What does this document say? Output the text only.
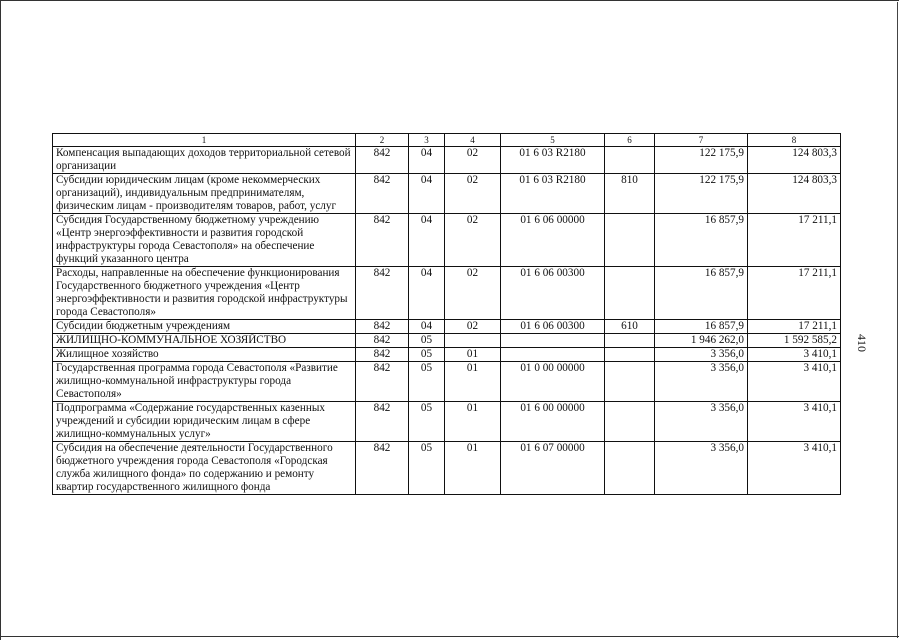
410
1	2	3	4	5	6	7	8
Компенсация выпадающих доходов территориальной сетевой организации	842	04	02	01 6 03 R2180		122 175,9	124 803,3
Субсидии юридическим лицам (кроме некоммерческих организаций), индивидуальным предпринимателям, физическим лицам - производителям товаров, работ, услуг	842	04	02	01 6 03 R2180	810	122 175,9	124 803,3
Субсидия Государственному бюджетному учреждению «Центр энергоэффективности и развития городской инфраструктуры города Севастополя» на обеспечение функций указанного центра	842	04	02	01 6 06 00000		16 857,9	17 211,1
Расходы, направленные на обеспечение функционирования Государственного бюджетного учреждения «Центр энергоэффективности и развития городской инфраструктуры города Севастополя»	842	04	02	01 6 06 00300		16 857,9	17 211,1
Субсидии бюджетным учреждениям	842	04	02	01 6 06 00300	610	16 857,9	17 211,1
ЖИЛИЩНО-КОММУНАЛЬНОЕ ХОЗЯЙСТВО	842	05				1 946 262,0	1 592 585,2
Жилищное хозяйство	842	05	01			3 356,0	3 410,1
Государственная программа города Севастополя «Развитие жилищно-коммунальной инфраструктуры города Севастополя»	842	05	01	01 0 00 00000		3 356,0	3 410,1
Подпрограмма «Содержание государственных казенных учреждений и субсидии юридическим лицам в сфере жилищно-коммунальных услуг»	842	05	01	01 6 00 00000		3 356,0	3 410,1
Субсидия на обеспечение деятельности Государственного бюджетного учреждения города Севастополя «Городская служба жилищного фонда» по содержанию и ремонту квартир государственного жилищного фонда	842	05	01	01 6 07 00000		3 356,0	3 410,1
